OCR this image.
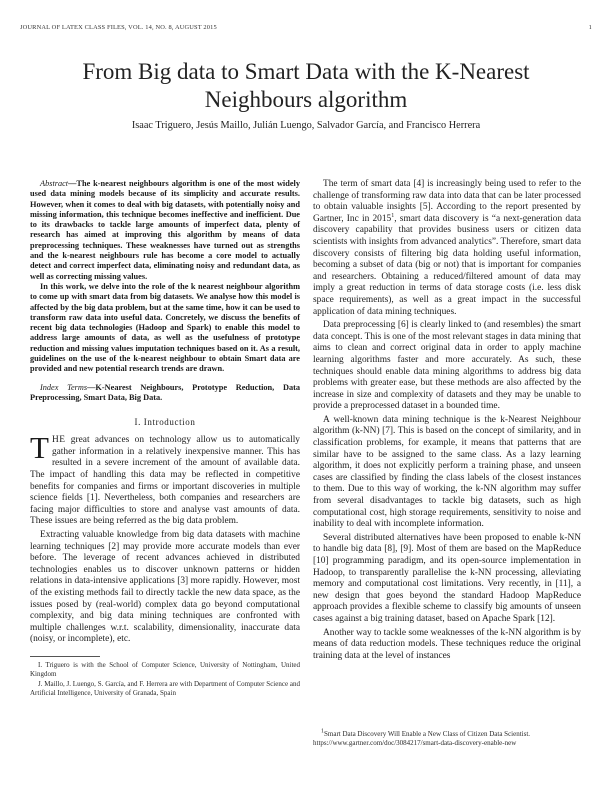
JOURNAL OF LATEX CLASS FILES, VOL. 14, NO. 8, AUGUST 2015	1
From Big data to Smart Data with the K-Nearest Neighbours algorithm
Isaac Triguero, Jesús Maillo, Julián Luengo, Salvador García, and Francisco Herrera

Abstract—The k-nearest neighbours algorithm is one of the most widely used data mining models because of its simplicity and accurate results. However, when it comes to deal with big datasets, with potentially noisy and missing information, this technique becomes ineffective and inefficient. Due to its drawbacks to tackle large amounts of imperfect data, plenty of research has aimed at improving this algorithm by means of data preprocessing techniques. These weaknesses have turned out as strengths and the k-nearest neighbours rule has become a core model to actually detect and correct imperfect data, eliminating noisy and redundant data, as well as correcting missing values.

In this work, we delve into the role of the k nearest neighbour algorithm to come up with smart data from big datasets. We analyse how this model is affected by the big data problem, but at the same time, how it can be used to transform raw data into useful data. Concretely, we discuss the benefits of recent big data technologies (Hadoop and Spark) to enable this model to address large amounts of data, as well as the usefulness of prototype reduction and missing values imputation techniques based on it. As a result, guidelines on the use of the k-nearest neighbour to obtain Smart data are provided and new potential research trends are drawn.

Index Terms—K-Nearest Neighbours, Prototype Reduction, Data Preprocessing, Smart Data, Big Data.

I. Introduction

THE great advances on technology allow us to automatically gather information in a relatively inexpensive manner. This has resulted in a severe increment of the amount of available data. The impact of handling this data may be reflected in competitive benefits for companies and firms or important discoveries in multiple science fields [1]. Nevertheless, both companies and researchers are facing major difficulties to store and analyse vast amounts of data. These issues are being referred as the big data problem.

Extracting valuable knowledge from big data datasets with machine learning techniques [2] may provide more accurate models than ever before. The leverage of recent advances achieved in distributed technologies enables us to discover unknown patterns or hidden relations in data-intensive applications [3] more rapidly. However, most of the existing methods fail to directly tackle the new data space, as the issues posed by (real-world) complex data go beyond computational complexity, and big data mining techniques are confronted with multiple challenges w.r.t. scalability, dimensionality, inaccurate data (noisy, or incomplete), etc.

I. Triguero is with the School of Computer Science, University of Nottingham, United Kingdom

J. Maillo, J. Luengo, S. García, and F. Herrera are with Department of Computer Science and Artificial Intelligence, University of Granada, Spain

The term of smart data [4] is increasingly being used to refer to the challenge of transforming raw data into data that can be later processed to obtain valuable insights [5]. According to the report presented by Gartner, Inc in 2015$^1$, smart data discovery is “a next-generation data discovery capability that provides business users or citizen data scientists with insights from advanced analytics”. Therefore, smart data discovery consists of filtering big data holding useful information, becoming a subset of data (big or not) that is important for companies and researchers. Obtaining a reduced/filtered amount of data may imply a great reduction in terms of data storage costs (i.e. less disk space requirements), as well as a great impact in the successful application of data mining techniques.

Data preprocessing [6] is clearly linked to (and resembles) the smart data concept. This is one of the most relevant stages in data mining that aims to clean and correct original data in order to apply machine learning algorithms faster and more accurately. As such, these techniques should enable data mining algorithms to address big data problems with greater ease, but these methods are also affected by the increase in size and complexity of datasets and they may be unable to provide a preprocessed dataset in a bounded time.

A well-known data mining technique is the k-Nearest Neighbour algorithm (k-NN) [7]. This is based on the concept of similarity, and in classification problems, for example, it means that patterns that are similar have to be assigned to the same class. As a lazy learning algorithm, it does not explicitly perform a training phase, and unseen cases are classified by finding the class labels of the closest instances to them. Due to this way of working, the k-NN algorithm may suffer from several disadvantages to tackle big datasets, such as high computational cost, high storage requirements, sensitivity to noise and inability to deal with incomplete information.

Several distributed alternatives have been proposed to enable k-NN to handle big data [8], [9]. Most of them are based on the MapReduce [10] programming paradigm, and its open-source implementation in Hadoop, to transparently parallelise the k-NN processing, alleviating memory and computational cost limitations. Very recently, in [11], a new design that goes beyond the standard Hadoop MapReduce approach provides a flexible scheme to classify big amounts of unseen cases against a big training dataset, based on Apache Spark [12].

Another way to tackle some weaknesses of the k-NN algorithm is by means of data reduction models. These techniques reduce the original training data at the level of instances

$^1$Smart Data Discovery Will Enable a New Class of Citizen Data Scientist. https://www.gartner.com/doc/3084217/smart-data-discovery-enable-new
